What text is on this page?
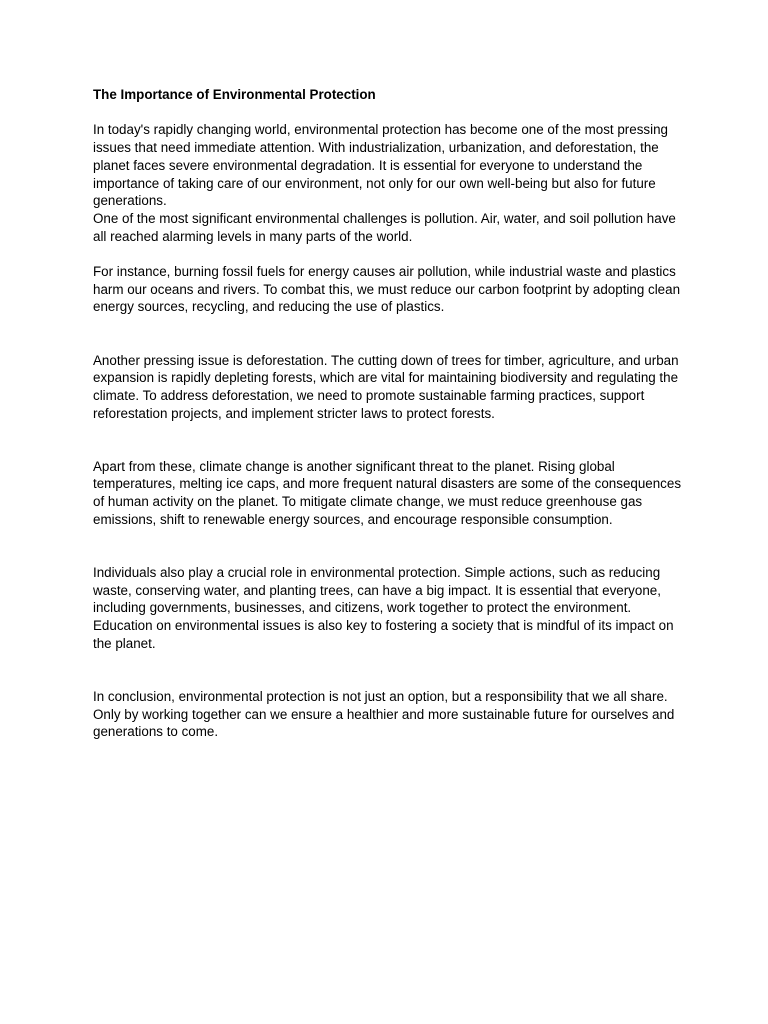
The Importance of Environmental Protection

In today's rapidly changing world, environmental protection has become one of the most pressing issues that need immediate attention. With industrialization, urbanization, and deforestation, the planet faces severe environmental degradation. It is essential for everyone to understand the importance of taking care of our environment, not only for our own well-being but also for future generations.

One of the most significant environmental challenges is pollution. Air, water, and soil pollution have all reached alarming levels in many parts of the world.

For instance, burning fossil fuels for energy causes air pollution, while industrial waste and plastics harm our oceans and rivers. To combat this, we must reduce our carbon footprint by adopting clean energy sources, recycling, and reducing the use of plastics.

Another pressing issue is deforestation. The cutting down of trees for timber, agriculture, and urban expansion is rapidly depleting forests, which are vital for maintaining biodiversity and regulating the climate. To address deforestation, we need to promote sustainable farming practices, support reforestation projects, and implement stricter laws to protect forests.

Apart from these, climate change is another significant threat to the planet. Rising global temperatures, melting ice caps, and more frequent natural disasters are some of the consequences of human activity on the planet. To mitigate climate change, we must reduce greenhouse gas emissions, shift to renewable energy sources, and encourage responsible consumption.

Individuals also play a crucial role in environmental protection. Simple actions, such as reducing waste, conserving water, and planting trees, can have a big impact. It is essential that everyone, including governments, businesses, and citizens, work together to protect the environment. Education on environmental issues is also key to fostering a society that is mindful of its impact on the planet.

In conclusion, environmental protection is not just an option, but a responsibility that we all share. Only by working together can we ensure a healthier and more sustainable future for ourselves and generations to come.
